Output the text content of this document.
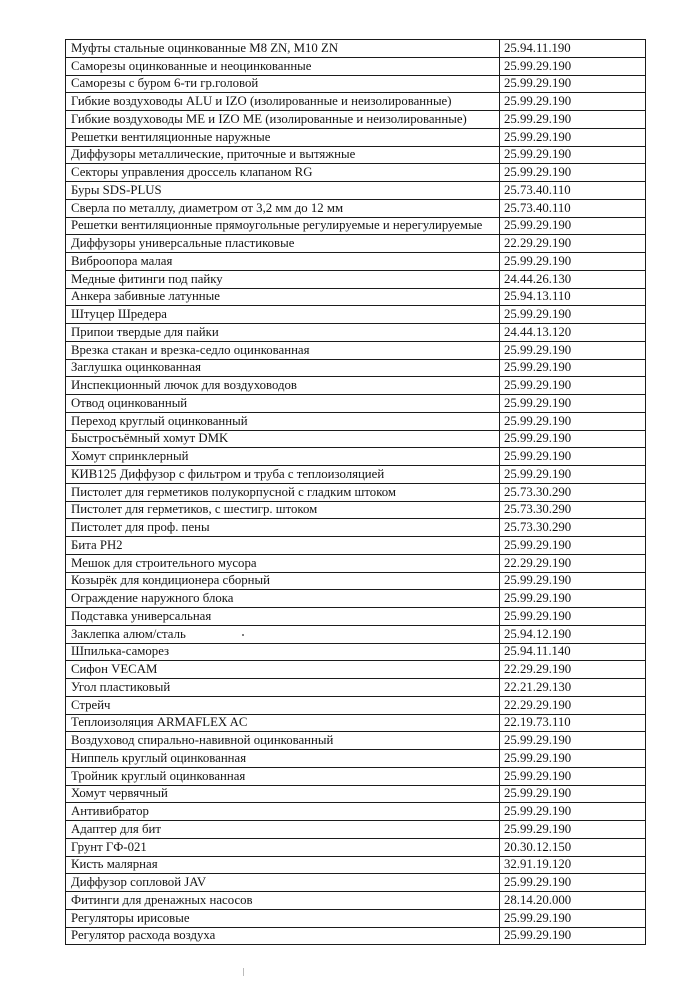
Муфты стальные оцинкованные М8 ZN, М10 ZN	25.94.11.190
Саморезы оцинкованные и неоцинкованные	25.99.29.190
Саморезы с буром 6-ти гр.головой	25.99.29.190
Гибкие воздуховоды ALU и IZO (изолированные и неизолированные)	25.99.29.190
Гибкие воздуховоды МЕ и IZO МЕ (изолированные и неизолированные)	25.99.29.190
Решетки вентиляционные наружные	25.99.29.190
Диффузоры металлические, приточные и вытяжные	25.99.29.190
Секторы управления дроссель клапаном RG	25.99.29.190
Буры SDS-PLUS	25.73.40.110
Сверла по металлу, диаметром от 3,2 мм до 12 мм	25.73.40.110
Решетки вентиляционные прямоугольные регулируемые и нерегулируемые	25.99.29.190
Диффузоры универсальные пластиковые	22.29.29.190
Виброопора малая	25.99.29.190
Медные фитинги под пайку	24.44.26.130
Анкера забивные латунные	25.94.13.110
Штуцер Шредера	25.99.29.190
Припои твердые для пайки	24.44.13.120
Врезка стакан и врезка-седло оцинкованная	25.99.29.190
Заглушка оцинкованная	25.99.29.190
Инспекционный лючок для воздуховодов	25.99.29.190
Отвод оцинкованный	25.99.29.190
Переход круглый оцинкованный	25.99.29.190
Быстросъёмный хомут DMK	25.99.29.190
Хомут спринклерный	25.99.29.190
КИВ125 Диффузор с фильтром и труба с теплоизоляцией	25.99.29.190
Пистолет для герметиков полукорпусной с гладким штоком	25.73.30.290
Пистолет для герметиков, с шестигр. штоком	25.73.30.290
Пистолет для проф. пены	25.73.30.290
Бита PH2	25.99.29.190
Мешок для строительного мусора	22.29.29.190
Козырёк для кондиционера сборный	25.99.29.190
Ограждение наружного блока	25.99.29.190
Подставка универсальная	25.99.29.190
Заклепка алюм/сталь	25.94.12.190
Шпилька-саморез	25.94.11.140
Сифон VECAM	22.29.29.190
Угол пластиковый	22.21.29.130
Стрейч	22.29.29.190
Теплоизоляция ARMAFLEX AC	22.19.73.110
Воздуховод спирально-навивной оцинкованный	25.99.29.190
Ниппель круглый оцинкованная	25.99.29.190
Тройник круглый оцинкованная	25.99.29.190
Хомут червячный	25.99.29.190
Антивибратор	25.99.29.190
Адаптер для бит	25.99.29.190
Грунт ГФ-021	20.30.12.150
Кисть малярная	32.91.19.120
Диффузор сопловой JAV	25.99.29.190
Фитинги для дренажных насосов	28.14.20.000
Регуляторы ирисовые	25.99.29.190
Регулятор расхода воздуха	25.99.29.190
